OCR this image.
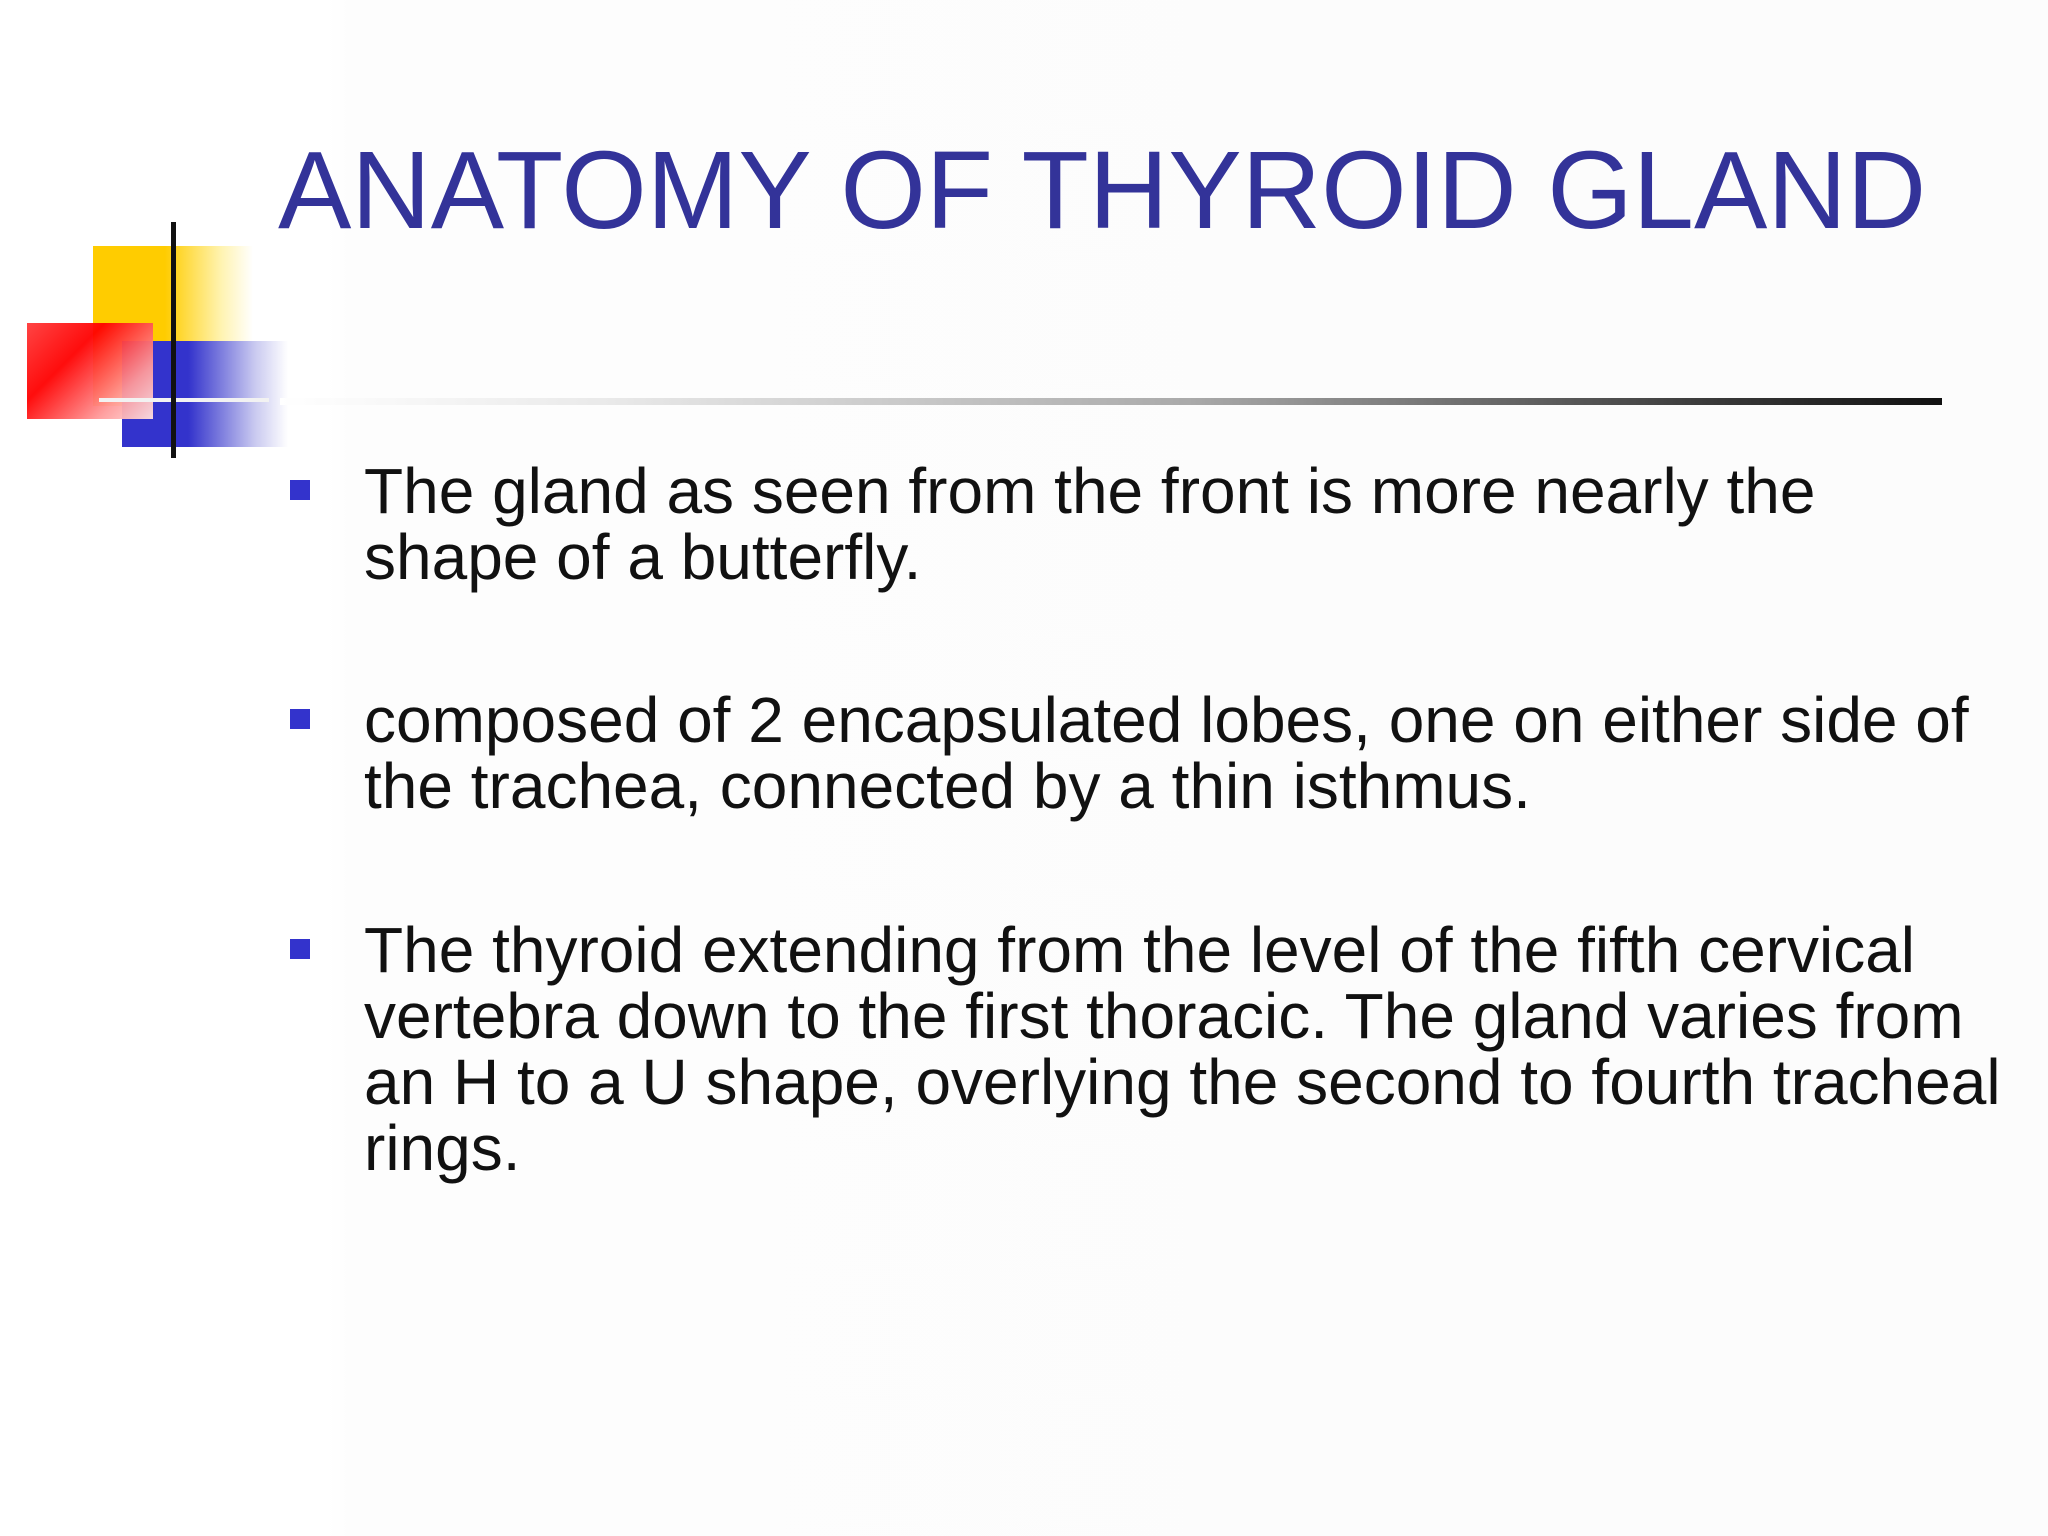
ANATOMY OF THYROID GLAND
The gland as seen from the front is more nearly the shape of a butterfly.
composed of 2 encapsulated lobes, one on either side of the trachea, connected by a thin isthmus.
The thyroid extending from the level of the fifth cervical vertebra down to the first thoracic. The gland varies from an H to a U shape, overlying the second to fourth tracheal rings.
